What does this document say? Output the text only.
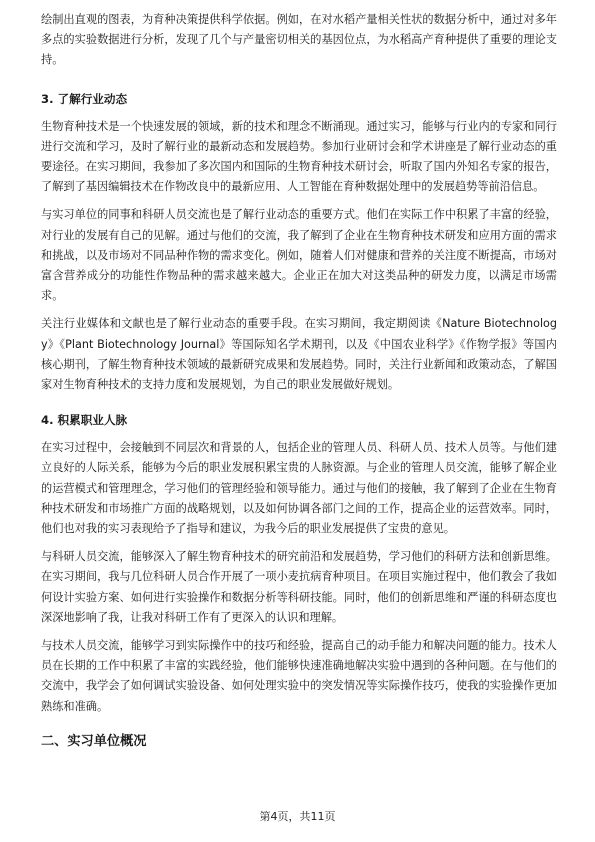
绘制出直观的图表，为育种决策提供科学依据。例如，在对水稻产量相关性状的数据分析中，通过对多年多点的实验数据进行分析，发现了几个与产量密切相关的基因位点，为水稻高产育种提供了重要的理论支持。

3. 了解行业动态

生物育种技术是一个快速发展的领域，新的技术和理念不断涌现。通过实习，能够与行业内的专家和同行进行交流和学习，及时了解行业的最新动态和发展趋势。参加行业研讨会和学术讲座是了解行业动态的重要途径。在实习期间，我参加了多次国内和国际的生物育种技术研讨会，听取了国内外知名专家的报告，了解到了基因编辑技术在作物改良中的最新应用、人工智能在育种数据处理中的发展趋势等前沿信息。

与实习单位的同事和科研人员交流也是了解行业动态的重要方式。他们在实际工作中积累了丰富的经验，对行业的发展有自己的见解。通过与他们的交流，我了解到了企业在生物育种技术研发和应用方面的需求和挑战，以及市场对不同品种作物的需求变化。例如，随着人们对健康和营养的关注度不断提高，市场对富含营养成分的功能性作物品种的需求越来越大。企业正在加大对这类品种的研发力度，以满足市场需求。

关注行业媒体和文献也是了解行业动态的重要手段。在实习期间，我定期阅读《Nature Biotechnology》《Plant Biotechnology Journal》等国际知名学术期刊，以及《中国农业科学》《作物学报》等国内核心期刊，了解生物育种技术领域的最新研究成果和发展趋势。同时，关注行业新闻和政策动态，了解国家对生物育种技术的支持力度和发展规划，为自己的职业发展做好规划。

4. 积累职业人脉

在实习过程中，会接触到不同层次和背景的人，包括企业的管理人员、科研人员、技术人员等。与他们建立良好的人际关系，能够为今后的职业发展积累宝贵的人脉资源。与企业的管理人员交流，能够了解企业的运营模式和管理理念，学习他们的管理经验和领导能力。通过与他们的接触，我了解到了企业在生物育种技术研发和市场推广方面的战略规划，以及如何协调各部门之间的工作，提高企业的运营效率。同时，他们也对我的实习表现给予了指导和建议，为我今后的职业发展提供了宝贵的意见。

与科研人员交流，能够深入了解生物育种技术的研究前沿和发展趋势，学习他们的科研方法和创新思维。在实习期间，我与几位科研人员合作开展了一项小麦抗病育种项目。在项目实施过程中，他们教会了我如何设计实验方案、如何进行实验操作和数据分析等科研技能。同时，他们的创新思维和严谨的科研态度也深深地影响了我，让我对科研工作有了更深入的认识和理解。

与技术人员交流，能够学习到实际操作中的技巧和经验，提高自己的动手能力和解决问题的能力。技术人员在长期的工作中积累了丰富的实践经验，他们能够快速准确地解决实验中遇到的各种问题。在与他们的交流中，我学会了如何调试实验设备、如何处理实验中的突发情况等实际操作技巧，使我的实验操作更加熟练和准确。

二、实习单位概况
第4页，共11页
